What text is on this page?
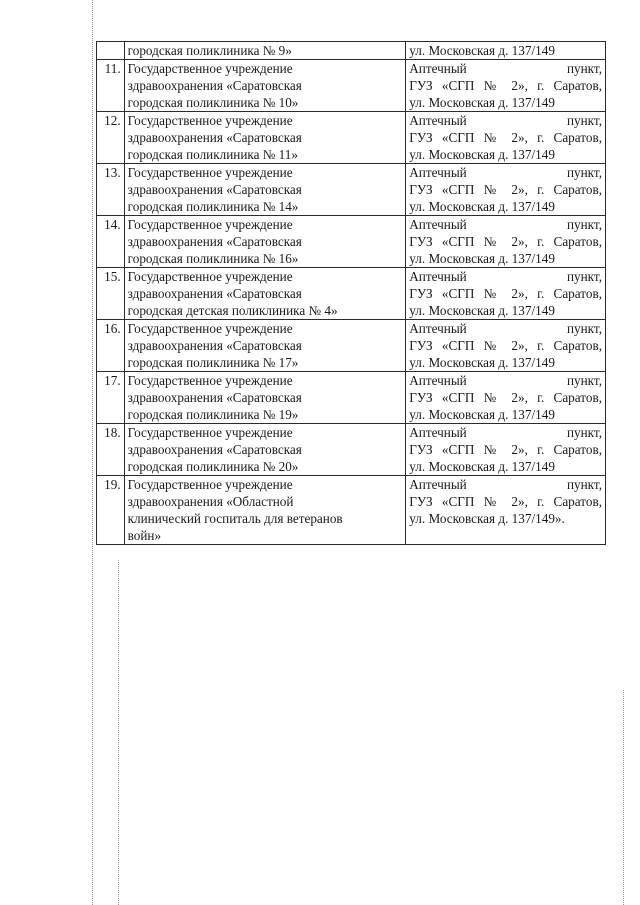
	городская поликлиника № 9»	ул. Московская д. 137/149

11.	Государственное учреждение
здравоохранения «Саратовская
городская поликлиника № 10»	Аптечный пункт,
ГУЗ «СГП № 2», г. Саратов,
ул. Московская д. 137/149

12.	Государственное учреждение
здравоохранения «Саратовская
городская поликлиника № 11»	Аптечный пункт,
ГУЗ «СГП № 2», г. Саратов,
ул. Московская д. 137/149

13.	Государственное учреждение
здравоохранения «Саратовская
городская поликлиника № 14»	Аптечный пункт,
ГУЗ «СГП № 2», г. Саратов,
ул. Московская д. 137/149

14.	Государственное учреждение
здравоохранения «Саратовская
городская поликлиника № 16»	Аптечный пункт,
ГУЗ «СГП № 2», г. Саратов,
ул. Московская д. 137/149

15.	Государственное учреждение
здравоохранения «Саратовская
городская детская поликлиника № 4»	Аптечный пункт,
ГУЗ «СГП № 2», г. Саратов,
ул. Московская д. 137/149

16.	Государственное учреждение
здравоохранения «Саратовская
городская поликлиника № 17»	Аптечный пункт,
ГУЗ «СГП № 2», г. Саратов,
ул. Московская д. 137/149

17.	Государственное учреждение
здравоохранения «Саратовская
городская поликлиника № 19»	Аптечный пункт,
ГУЗ «СГП № 2», г. Саратов,
ул. Московская д. 137/149

18.	Государственное учреждение
здравоохранения «Саратовская
городская поликлиника № 20»	Аптечный пункт,
ГУЗ «СГП № 2», г. Саратов,
ул. Московская д. 137/149

19.	Государственное учреждение
здравоохранения «Областной
клинический госпиталь для ветеранов
войн»	Аптечный пункт,
ГУЗ «СГП № 2», г. Саратов,
ул. Московская д. 137/149».
